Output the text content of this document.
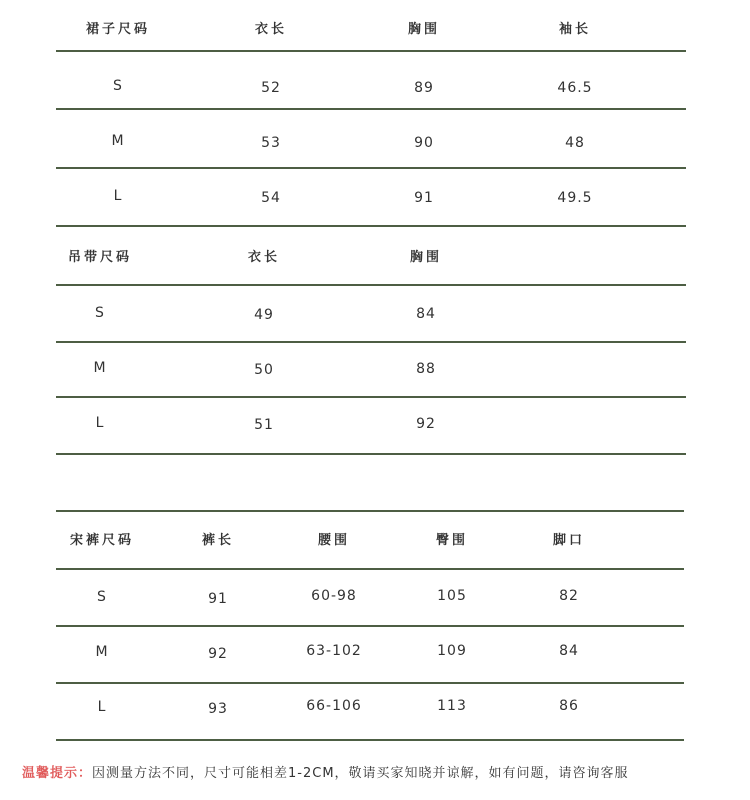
裙子尺码	衣长	胸围	袖长
S	52	89	46.5
M	53	90	48
L	54	91	49.5
吊带尺码	衣长	胸围
S	49	84
M	50	88
L	51	92
宋裤尺码	裤长	腰围	臀围	脚口
S	91	60-98	105	82
M	92	63-102	109	84
L	93	66-106	113	86
温馨提示：因测量方法不同，尺寸可能相差1-2CM，敬请买家知晓并谅解，如有问题，请咨询客服
